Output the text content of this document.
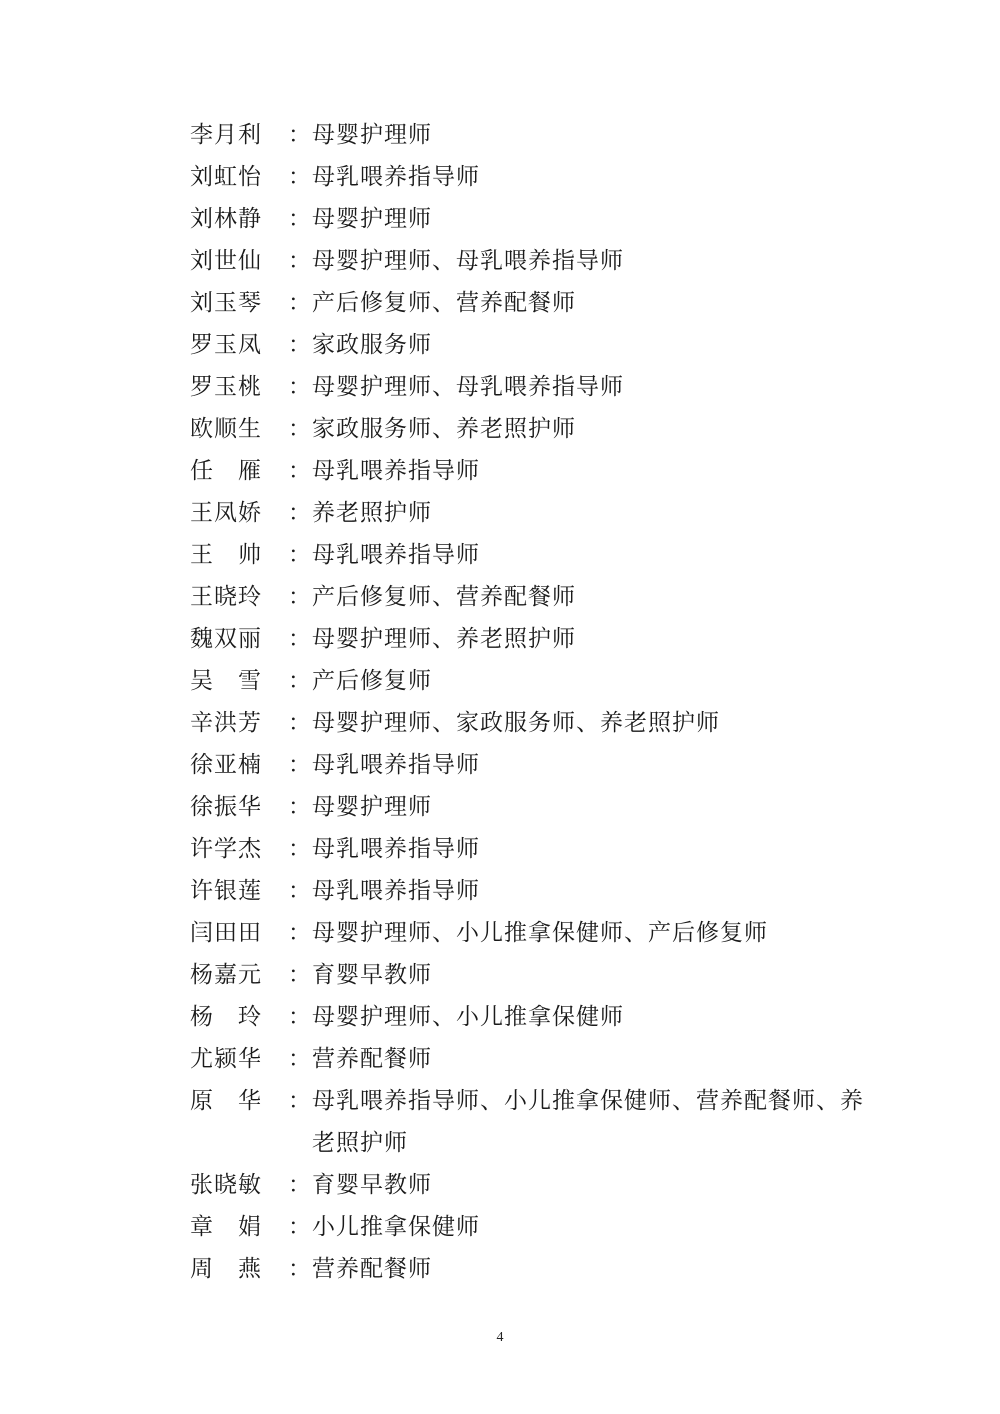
李月利	： 母婴护理师
刘虹怡	： 母乳喂养指导师
刘林静	： 母婴护理师
刘世仙	： 母婴护理师、母乳喂养指导师
刘玉琴	： 产后修复师、营养配餐师
罗玉凤	： 家政服务师
罗玉桃	： 母婴护理师、母乳喂养指导师
欧顺生	： 家政服务师、养老照护师
任　雁	： 母乳喂养指导师
王凤娇	： 养老照护师
王　帅	： 母乳喂养指导师
王晓玲	： 产后修复师、营养配餐师
魏双丽	： 母婴护理师、养老照护师
吴　雪	： 产后修复师
辛洪芳	： 母婴护理师、家政服务师、养老照护师
徐亚楠	： 母乳喂养指导师
徐振华	： 母婴护理师
许学杰	： 母乳喂养指导师
许银莲	： 母乳喂养指导师
闫田田	： 母婴护理师、小儿推拿保健师、产后修复师
杨嘉元	： 育婴早教师
杨　玲	： 母婴护理师、小儿推拿保健师
尤颍华	： 营养配餐师
原　华	： 母乳喂养指导师、小儿推拿保健师、营养配餐师、养老照护师
张晓敏	： 育婴早教师
章　娟	： 小儿推拿保健师
周　燕	： 营养配餐师
4
